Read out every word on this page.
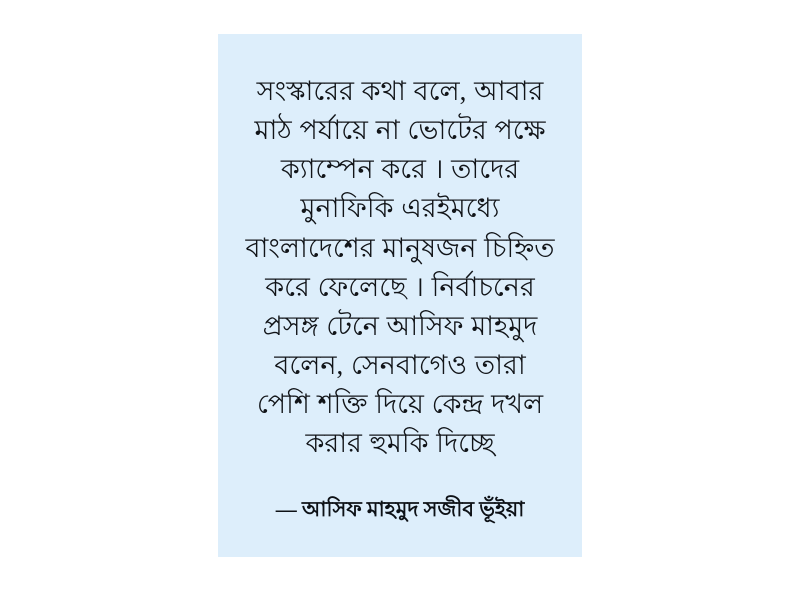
সংস্কারের কথা বলে, আবার মাঠ পর্যায়ে না ভোটের পক্ষে ক্যাম্পেন করে । তাদের মুনাফিকি এরইমধ্যে বাংলাদেশের মানুষজন চিহ্নিত করে ফেলেছে । নির্বাচনের প্রসঙ্গ টেনে আসিফ মাহমুদ বলেন, সেনবাগেও তারা পেশি শক্তি দিয়ে কেন্দ্র দখল করার হুমকি দিচ্ছে

— আসিফ মাহমুদ সজীব ভূঁইয়া
